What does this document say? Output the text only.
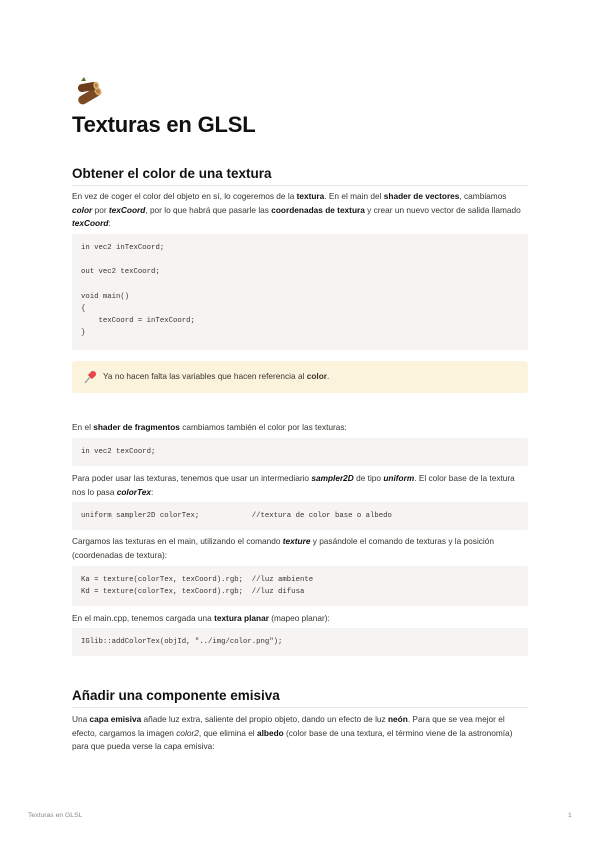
Texturas en GLSL
Obtener el color de una textura

En vez de coger el color del objeto en sí, lo cogeremos de la textura. En el main del shader de vectores, cambiamos color por texCoord, por lo que habrá que pasarle las coordenadas de textura y crear un nuevo vector de salida llamado texCoord:

in vec2 inTexCoord;
out vec2 texCoord;
void main()
{
texCoord = inTexCoord;
}
Ya no hacen falta las variables que hacen referencia al color.

En el shader de fragmentos cambiamos también el color por las texturas:

in vec2 texCoord;

Para poder usar las texturas, tenemos que usar un intermediario sampler2D de tipo uniform. El color base de la textura nos lo pasa colorTex:

uniform sampler2D colorTex;            //textura de color base o albedo

Cargamos las texturas en el main, utilizando el comando texture y pasándole el comando de texturas y la posición (coordenadas de textura):

Ka = texture(colorTex, texCoord).rgb;  //luz ambiente
Kd = texture(colorTex, texCoord).rgb;  //luz difusa

En el main.cpp, tenemos cargada una textura planar (mapeo planar):

IGlib::addColorTex(objId, "../img/color.png");
Añadir una componente emisiva

Una capa emisiva añade luz extra, saliente del propio objeto, dando un efecto de luz neón. Para que se vea mejor el efecto, cargamos la imagen color2, que elimina el albedo (color base de una textura, el término viene de la astronomía) para que pueda verse la capa emisiva:

Texturas en GLSL	1
